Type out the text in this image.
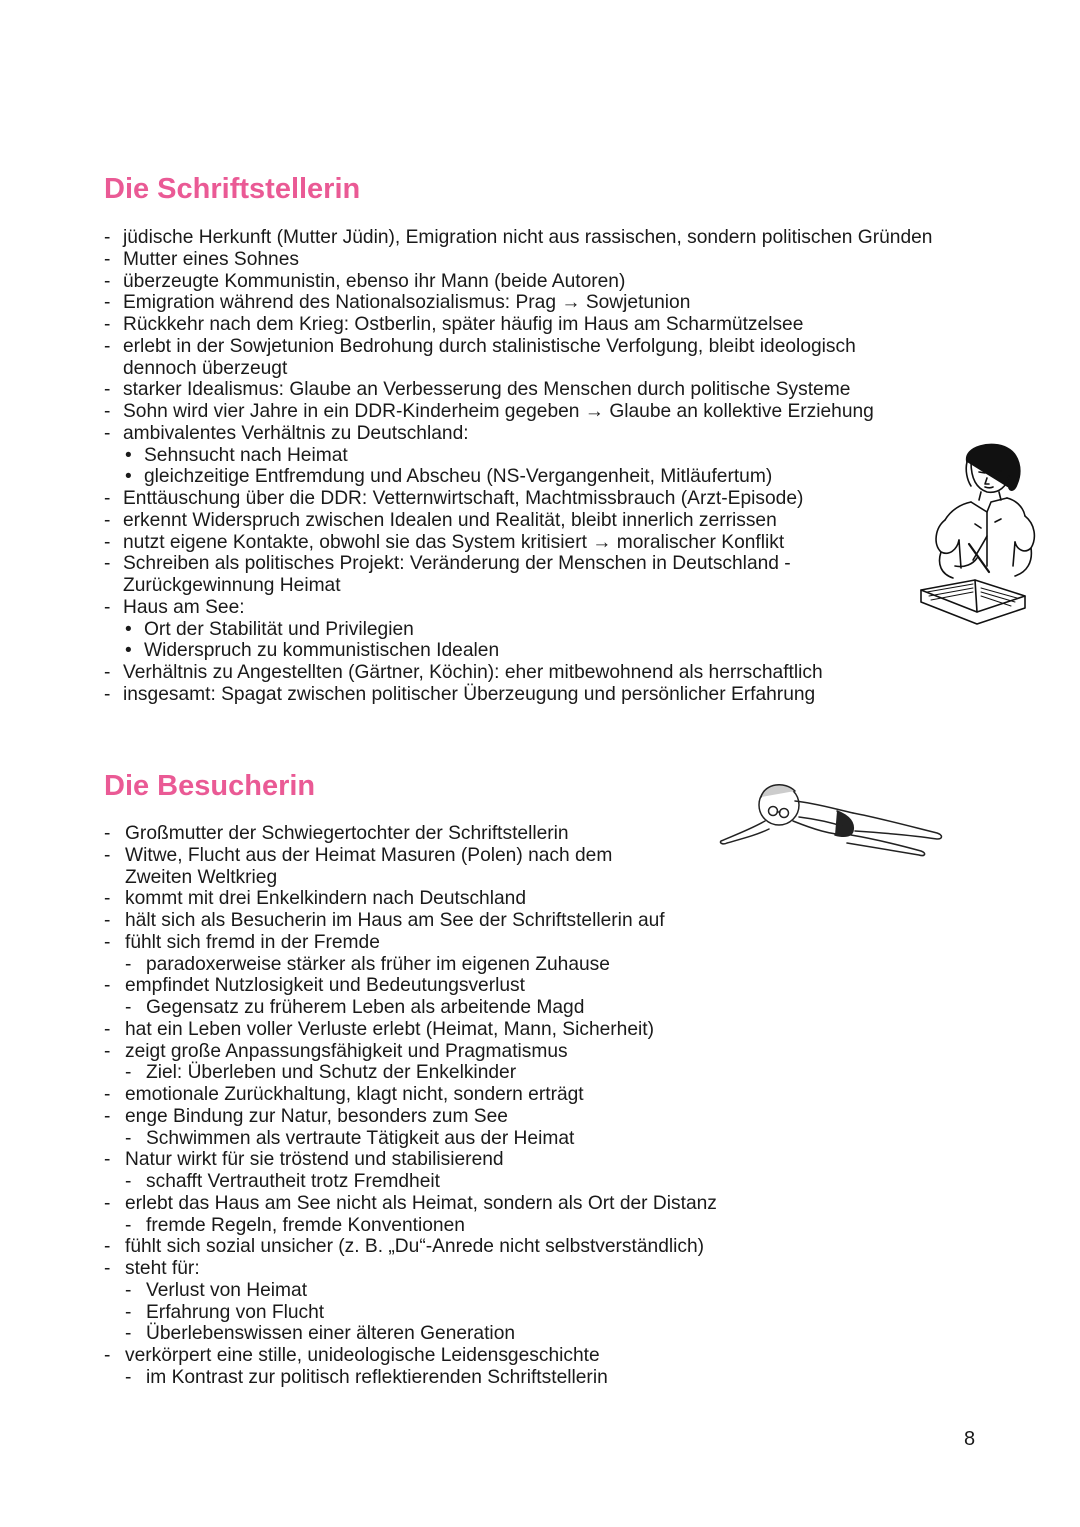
Die Schriftstellerin
- jüdische Herkunft (Mutter Jüdin), Emigration nicht aus rassischen, sondern politischen Gründen
- Mutter eines Sohnes
- überzeugte Kommunistin, ebenso ihr Mann (beide Autoren)
- Emigration während des Nationalsozialismus: Prag → Sowjetunion
- Rückkehr nach dem Krieg: Ostberlin, später häufig im Haus am Scharmützelsee
- erlebt in der Sowjetunion Bedrohung durch stalinistische Verfolgung, bleibt ideologisch dennoch überzeugt
- starker Idealismus: Glaube an Verbesserung des Menschen durch politische Systeme
- Sohn wird vier Jahre in ein DDR-Kinderheim gegeben → Glaube an kollektive Erziehung
- ambivalentes Verhältnis zu Deutschland:
• Sehnsucht nach Heimat
• gleichzeitige Entfremdung und Abscheu (NS-Vergangenheit, Mitläufertum)
- Enttäuschung über die DDR: Vetternwirtschaft, Machtmissbrauch (Arzt-Episode)
- erkennt Widerspruch zwischen Idealen und Realität, bleibt innerlich zerrissen
- nutzt eigene Kontakte, obwohl sie das System kritisiert → moralischer Konflikt
- Schreiben als politisches Projekt: Veränderung der Menschen in Deutschland - Zurückgewinnung Heimat
- Haus am See:
• Ort der Stabilität und Privilegien
• Widerspruch zu kommunistischen Idealen
- Verhältnis zu Angestellten (Gärtner, Köchin): eher mitbewohnend als herrschaftlich
- insgesamt: Spagat zwischen politischer Überzeugung und persönlicher Erfahrung
Die Besucherin
- Großmutter der Schwiegertochter der Schriftstellerin
- Witwe, Flucht aus der Heimat Masuren (Polen) nach dem Zweiten Weltkrieg
- kommt mit drei Enkelkindern nach Deutschland
- hält sich als Besucherin im Haus am See der Schriftstellerin auf
- fühlt sich fremd in der Fremde
- paradoxerweise stärker als früher im eigenen Zuhause
- empfindet Nutzlosigkeit und Bedeutungsverlust
- Gegensatz zu früherem Leben als arbeitende Magd
- hat ein Leben voller Verluste erlebt (Heimat, Mann, Sicherheit)
- zeigt große Anpassungsfähigkeit und Pragmatismus
- Ziel: Überleben und Schutz der Enkelkinder
- emotionale Zurückhaltung, klagt nicht, sondern erträgt
- enge Bindung zur Natur, besonders zum See
- Schwimmen als vertraute Tätigkeit aus der Heimat
- Natur wirkt für sie tröstend und stabilisierend
- schafft Vertrautheit trotz Fremdheit
- erlebt das Haus am See nicht als Heimat, sondern als Ort der Distanz
- fremde Regeln, fremde Konventionen
- fühlt sich sozial unsicher (z. B. „Du“-Anrede nicht selbstverständlich)
- steht für:
- Verlust von Heimat
- Erfahrung von Flucht
- Überlebenswissen einer älteren Generation
- verkörpert eine stille, unideologische Leidensgeschichte
- im Kontrast zur politisch reflektierenden Schriftstellerin
8
